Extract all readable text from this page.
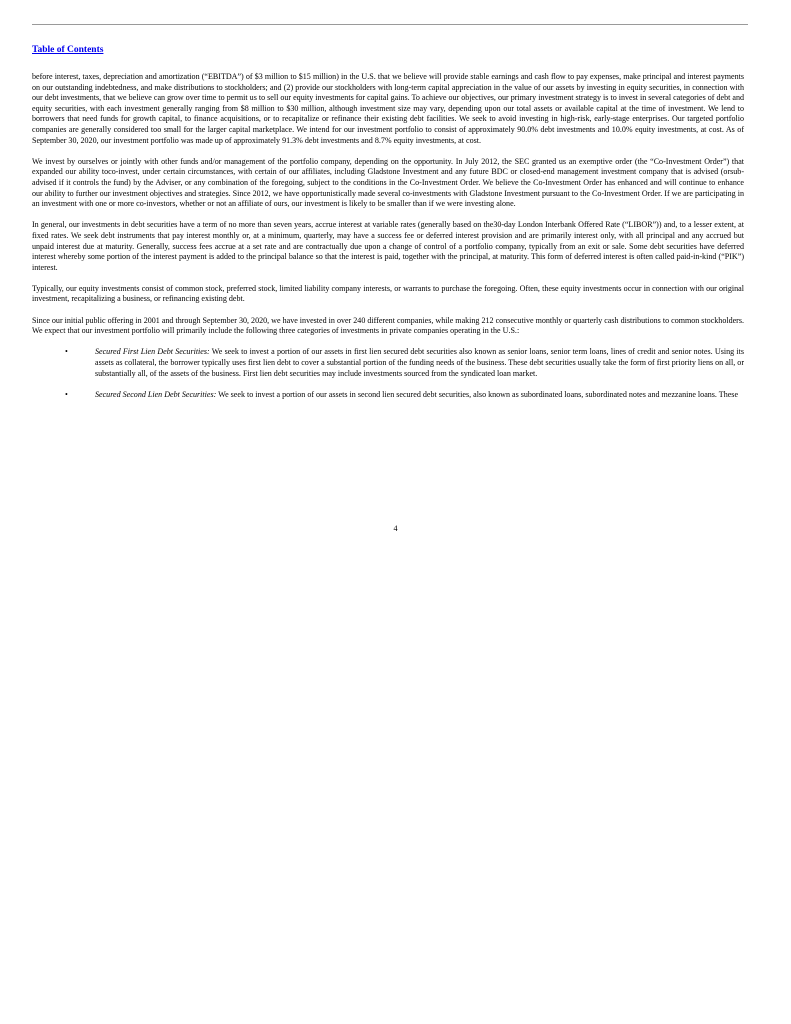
Table of Contents

before interest, taxes, depreciation and amortization (“EBITDA”) of $3 million to $15 million) in the U.S. that we believe will provide stable earnings and cash flow to pay expenses, make principal and interest payments on our outstanding indebtedness, and make distributions to stockholders; and (2) provide our stockholders with long-term capital appreciation in the value of our assets by investing in equity securities, in connection with our debt investments, that we believe can grow over time to permit us to sell our equity investments for capital gains. To achieve our objectives, our primary investment strategy is to invest in several categories of debt and equity securities, with each investment generally ranging from $8 million to $30 million, although investment size may vary, depending upon our total assets or available capital at the time of investment. We lend to borrowers that need funds for growth capital, to finance acquisitions, or to recapitalize or refinance their existing debt facilities. We seek to avoid investing in high-risk, early-stage enterprises. Our targeted portfolio companies are generally considered too small for the larger capital marketplace. We intend for our investment portfolio to consist of approximately 90.0% debt investments and 10.0% equity investments, at cost. As of September 30, 2020, our investment portfolio was made up of approximately 91.3% debt investments and 8.7% equity investments, at cost.

We invest by ourselves or jointly with other funds and/or management of the portfolio company, depending on the opportunity. In July 2012, the SEC granted us an exemptive order (the “Co-Investment Order”) that expanded our ability toco-invest, under certain circumstances, with certain of our affiliates, including Gladstone Investment and any future BDC or closed-end management investment company that is advised (orsub-advised if it controls the fund) by the Adviser, or any combination of the foregoing, subject to the conditions in the Co-Investment Order. We believe the Co-Investment Order has enhanced and will continue to enhance our ability to further our investment objectives and strategies. Since 2012, we have opportunistically made several co-investments with Gladstone Investment pursuant to the Co-Investment Order. If we are participating in an investment with one or more co-investors, whether or not an affiliate of ours, our investment is likely to be smaller than if we were investing alone.

In general, our investments in debt securities have a term of no more than seven years, accrue interest at variable rates (generally based on the30-day London Interbank Offered Rate (“LIBOR”)) and, to a lesser extent, at fixed rates. We seek debt instruments that pay interest monthly or, at a minimum, quarterly, may have a success fee or deferred interest provision and are primarily interest only, with all principal and any accrued but unpaid interest due at maturity. Generally, success fees accrue at a set rate and are contractually due upon a change of control of a portfolio company, typically from an exit or sale. Some debt securities have deferred interest whereby some portion of the interest payment is added to the principal balance so that the interest is paid, together with the principal, at maturity. This form of deferred interest is often called paid-in-kind (“PIK”) interest.

Typically, our equity investments consist of common stock, preferred stock, limited liability company interests, or warrants to purchase the foregoing. Often, these equity investments occur in connection with our original investment, recapitalizing a business, or refinancing existing debt.

Since our initial public offering in 2001 and through September 30, 2020, we have invested in over 240 different companies, while making 212 consecutive monthly or quarterly cash distributions to common stockholders. We expect that our investment portfolio will primarily include the following three categories of investments in private companies operating in the U.S.:

•	Secured First Lien Debt Securities: We seek to invest a portion of our assets in first lien secured debt securities also known as senior loans, senior term loans, lines of credit and senior notes. Using its assets as collateral, the borrower typically uses first lien debt to cover a substantial portion of the funding needs of the business. These debt securities usually take the form of first priority liens on all, or substantially all, of the assets of the business. First lien debt securities may include investments sourced from the syndicated loan market.
•	Secured Second Lien Debt Securities: We seek to invest a portion of our assets in second lien secured debt securities, also known as subordinated loans, subordinated notes and mezzanine loans. These
4
